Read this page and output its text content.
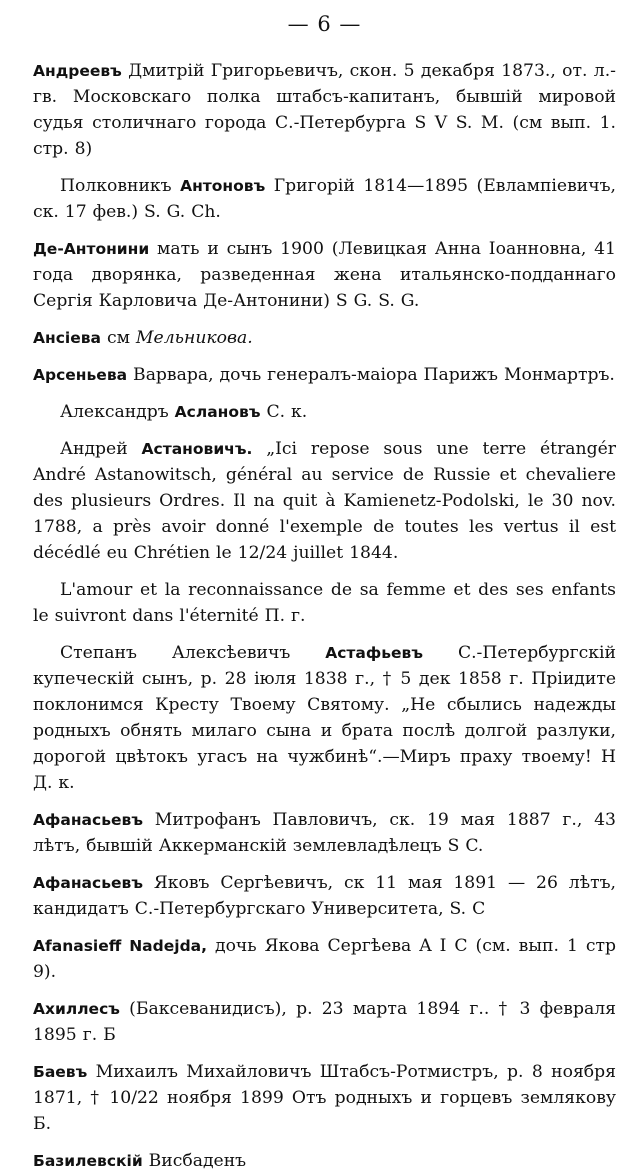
— 6 —

Андреевъ Дмитрій Григорьевичъ, скон. 5 декабря 1873., от. л.-гв. Московскаго полка штабсъ-капитанъ, бывшій мировой судья столичнаго города С.-Петербурга S V S. M. (см вып. 1. стр. 8)

Полковникъ Антоновъ Григорій 1814—1895 (Евлампіевичъ, ск. 17 фев.) S. G. Ch.

Де-Антонини мать и сынъ 1900 (Левицкая Анна Іоанновна, 41 года дворянка, разведенная жена итальянско-подданнаго Сергія Карловича Де-Антонини) S G. S. G.

Ансіева см Мельникова.

Арсеньева Варвара, дочь генералъ-маіора Парижъ Монмартръ.

Александръ Аслановъ С. к.

Андрей Астановичъ. „Ici repose sous une terre étrangér André Astanowitsch, général au service de Russie et chevaliere des plusieurs Ordres. Il na quit à Kamienetz-Podolski, le 30 nov. 1788, a près avoir donné l'exemple de toutes les vertus il est décédlé eu Chrétien le 12/24 juillet 1844.

L'amour et la reconnaissance de sa femme et des ses enfants le suivront dans l'éternité П. г.

Степанъ Алексѣевичъ Астафьевъ С.-Петербургскій купеческій сынъ, р. 28 іюля 1838 г., † 5 дек 1858 г. Пріидите поклонимся Кресту Твоему Святому. „Не сбылись надежды родныхъ обнять милаго сына и брата послѣ долгой разлуки, дорогой цвѣтокъ угасъ на чужбинѣ“.—Миръ праху твоему! Н Д. к.

Афанасьевъ Митрофанъ Павловичъ, ск. 19 мая 1887 г., 43 лѣтъ, бывшій Аккерманскій землевладѣлецъ S C.

Афанасьевъ Яковъ Сергѣевичъ, ск 11 мая 1891 — 26 лѣтъ, кандидатъ С.-Петербургскаго Университета, S. C

Afanasieff Nadejda, дочь Якова Сергѣева A I C (см. вып. 1 стр 9).

Ахиллесъ (Баксеванидисъ), р. 23 марта 1894 г.. † 3 февраля 1895 г. Б

Баевъ Михаилъ Михайловичъ Штабсъ-Ротмистръ, р. 8 ноября 1871, † 10/22 ноября 1899 Отъ родныхъ и горцевъ землякову Б.

Базилевскій Висбаденъ
